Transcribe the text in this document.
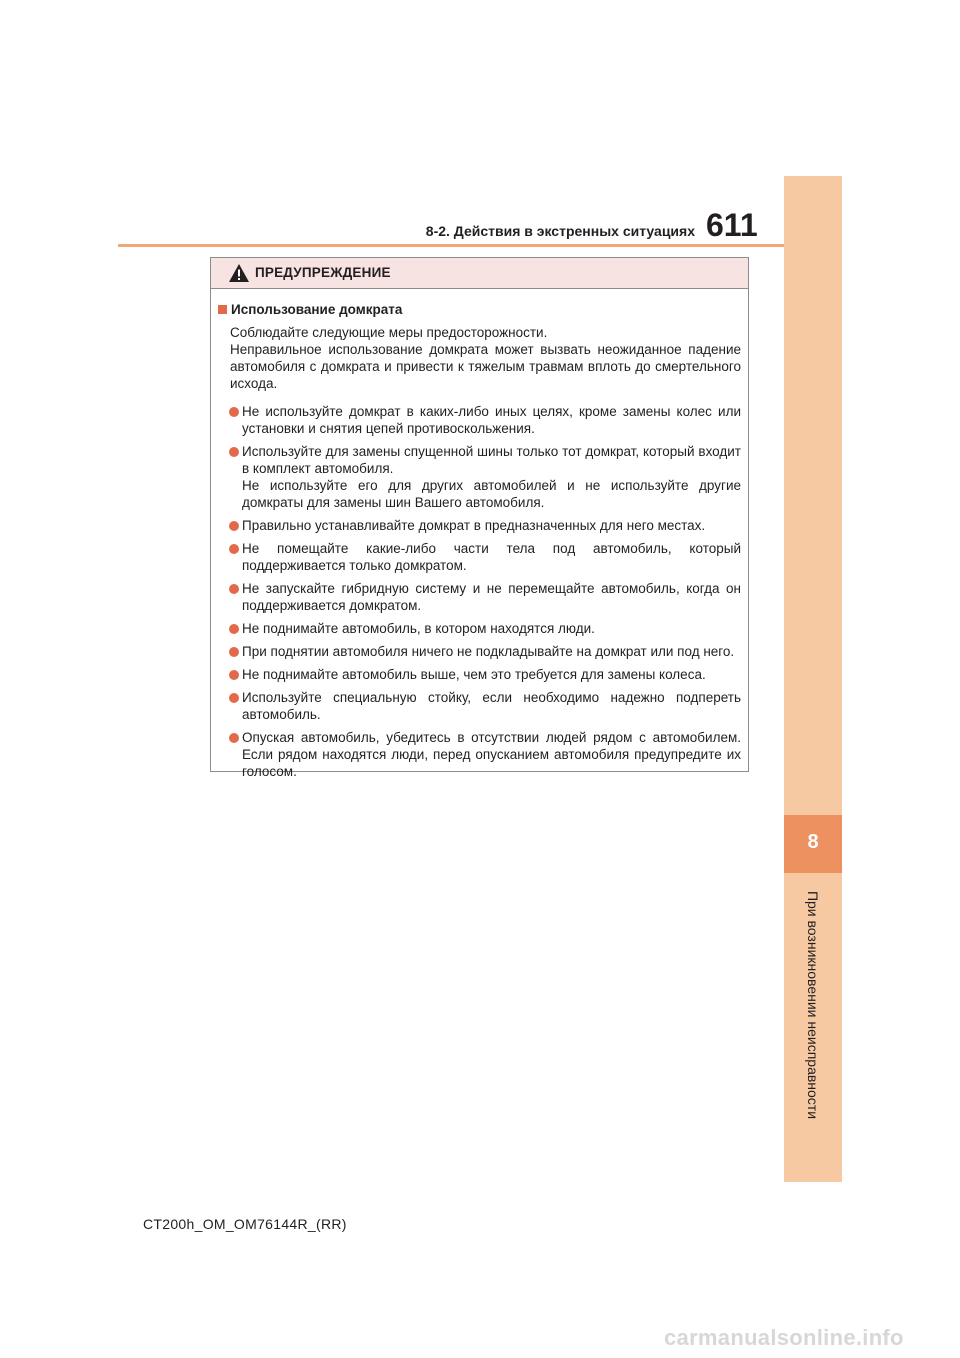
8-2. Действия в экстренных ситуациях 611
8
При возникновении неисправности
ПРЕДУПРЕЖДЕНИЕ
Использование домкрата

Соблюдайте следующие меры предосторожности.

Неправильное использование домкрата может вызвать неожиданное падение автомобиля с домкрата и привести к тяжелым травмам вплоть до смертельного исхода.

Не используйте домкрат в каких-либо иных целях, кроме замены колес или установки и снятия цепей противоскольжения.

Используйте для замены спущенной шины только тот домкрат, который входит в комплект автомобиля.

Не используйте его для других автомобилей и не используйте другие домкраты для замены шин Вашего автомобиля.

Правильно устанавливайте домкрат в предназначенных для него местах.

Не помещайте какие-либо части тела под автомобиль, который поддерживается только домкратом.

Не запускайте гибридную систему и не перемещайте автомобиль, когда он поддерживается домкратом.

Не поднимайте автомобиль, в котором находятся люди.

При поднятии автомобиля ничего не подкладывайте на домкрат или под него.

Не поднимайте автомобиль выше, чем это требуется для замены колеса.

Используйте специальную стойку, если необходимо надежно подпереть автомобиль.

Опуская автомобиль, убедитесь в отсутствии людей рядом с автомобилем. Если рядом находятся люди, перед опусканием автомобиля предупредите их голосом.

CT200h_OM_OM76144R_(RR)
carmanualsonline.info
